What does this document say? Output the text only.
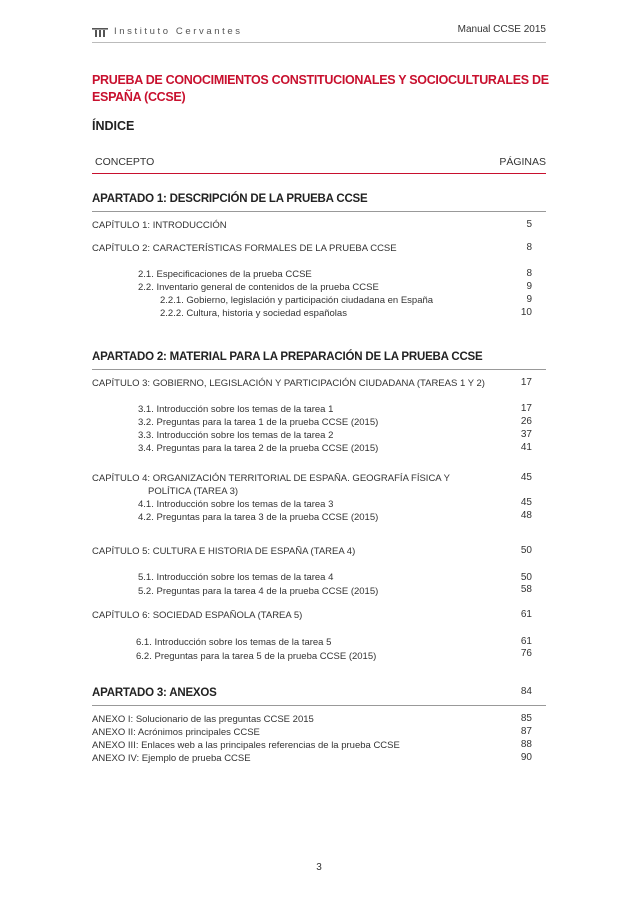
Instituto Cervantes	Manual CCSE 2015
PRUEBA DE CONOCIMIENTOS CONSTITUCIONALES Y SOCIOCULTURALES DE ESPAÑA (CCSE)
ÍNDICE
CONCEPTO	PÁGINAS
APARTADO 1: DESCRIPCIÓN DE LA PRUEBA CCSE
CAPÍTULO 1: INTRODUCCIÓN	5
CAPÍTULO 2: CARACTERÍSTICAS FORMALES DE LA PRUEBA CCSE	8
2.1. Especificaciones de la prueba CCSE	8
2.2. Inventario general de contenidos de la prueba CCSE	9
2.2.1. Gobierno, legislación y participación ciudadana en España	9
2.2.2. Cultura, historia y sociedad españolas	10
APARTADO 2: MATERIAL PARA LA PREPARACIÓN DE LA PRUEBA CCSE
CAPÍTULO 3: GOBIERNO, LEGISLACIÓN Y PARTICIPACIÓN CIUDADANA (TAREAS 1 Y 2)	17
3.1. Introducción sobre los temas de la tarea 1	17
3.2. Preguntas para la tarea 1 de la prueba CCSE (2015)	26
3.3. Introducción sobre los temas de la tarea 2	37
3.4. Preguntas para la tarea 2 de la prueba CCSE (2015)	41
CAPÍTULO 4: ORGANIZACIÓN TERRITORIAL DE ESPAÑA. GEOGRAFÍA FÍSICA Y	45
POLÍTICA (TAREA 3)
4.1. Introducción sobre los temas de la tarea 3	45
4.2. Preguntas para la tarea 3 de la prueba CCSE (2015)	48
CAPÍTULO 5: CULTURA E HISTORIA DE ESPAÑA (TAREA 4)	50
5.1. Introducción sobre los temas de la tarea 4	50
5.2. Preguntas para la tarea 4 de la prueba CCSE (2015)	58
CAPÍTULO 6: SOCIEDAD ESPAÑOLA (TAREA 5)	61
6.1. Introducción sobre los temas de la tarea 5	61
6.2. Preguntas para la tarea 5 de la prueba CCSE (2015)	76
APARTADO 3: ANEXOS	84
ANEXO I: Solucionario de las preguntas CCSE 2015	85
ANEXO II: Acrónimos principales CCSE	87
ANEXO III: Enlaces web a las principales referencias de la prueba CCSE	88
ANEXO IV: Ejemplo de prueba CCSE	90
3
